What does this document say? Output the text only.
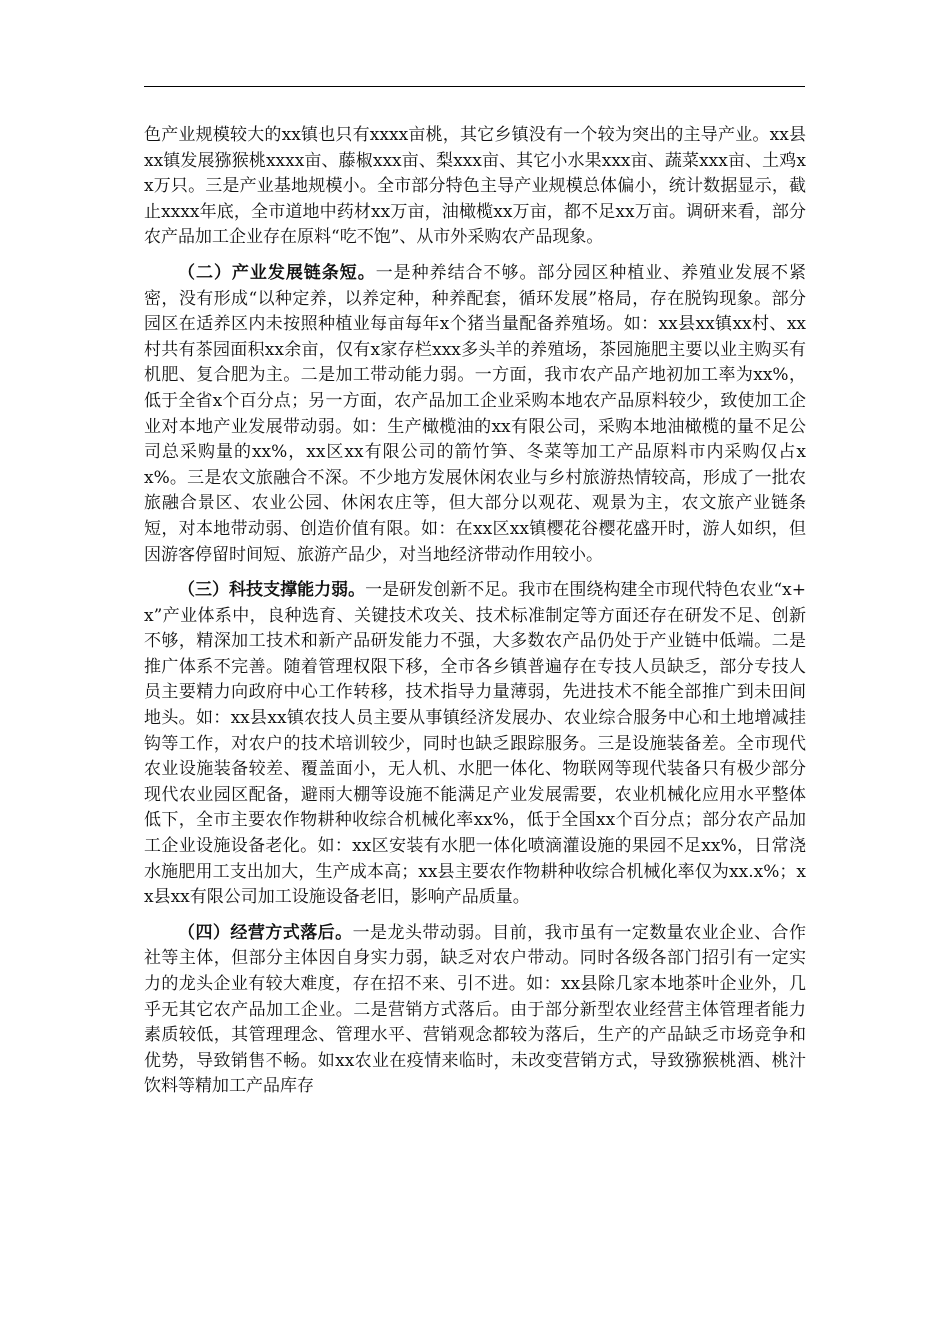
色产业规模较大的xx镇也只有xxxx亩桃，其它乡镇没有一个较为突出的主导产业。xx县xx镇发展猕猴桃xxxx亩、藤椒xxx亩、梨xxx亩、其它小水果xxx亩、蔬菜xxx亩、土鸡xx万只。三是产业基地规模小。全市部分特色主导产业规模总体偏小，统计数据显示，截止xxxx年底，全市道地中药材xx万亩，油橄榄xx万亩，都不足xx万亩。调研来看，部分农产品加工企业存在原料“吃不饱”、从市外采购农产品现象。

（二）产业发展链条短。一是种养结合不够。部分园区种植业、养殖业发展不紧密，没有形成“以种定养，以养定种，种养配套，循环发展”格局，存在脱钩现象。部分园区在适养区内未按照种植业每亩每年x个猪当量配备养殖场。如：xx县xx镇xx村、xx村共有茶园面积xx余亩，仅有x家存栏xxx多头羊的养殖场，茶园施肥主要以业主购买有机肥、复合肥为主。二是加工带动能力弱。一方面，我市农产品产地初加工率为xx%，低于全省x个百分点；另一方面，农产品加工企业采购本地农产品原料较少，致使加工企业对本地产业发展带动弱。如：生产橄榄油的xx有限公司，采购本地油橄榄的量不足公司总采购量的xx%，xx区xx有限公司的箭竹笋、冬菜等加工产品原料市内采购仅占xx%。三是农文旅融合不深。不少地方发展休闲农业与乡村旅游热情较高，形成了一批农旅融合景区、农业公园、休闲农庄等，但大部分以观花、观景为主，农文旅产业链条短，对本地带动弱、创造价值有限。如：在xx区xx镇樱花谷樱花盛开时，游人如织，但因游客停留时间短、旅游产品少，对当地经济带动作用较小。

（三）科技支撑能力弱。一是研发创新不足。我市在围绕构建全市现代特色农业“x+x”产业体系中，良种选育、关键技术攻关、技术标准制定等方面还存在研发不足、创新不够，精深加工技术和新产品研发能力不强，大多数农产品仍处于产业链中低端。二是推广体系不完善。随着管理权限下移，全市各乡镇普遍存在专技人员缺乏，部分专技人员主要精力向政府中心工作转移，技术指导力量薄弱，先进技术不能全部推广到未田间地头。如：xx县xx镇农技人员主要从事镇经济发展办、农业综合服务中心和土地增减挂钩等工作，对农户的技术培训较少，同时也缺乏跟踪服务。三是设施装备差。全市现代农业设施装备较差、覆盖面小，无人机、水肥一体化、物联网等现代装备只有极少部分现代农业园区配备，避雨大棚等设施不能满足产业发展需要，农业机械化应用水平整体低下，全市主要农作物耕种收综合机械化率xx%，低于全国xx个百分点；部分农产品加工企业设施设备老化。如：xx区安装有水肥一体化喷滴灌设施的果园不足xx%，日常浇水施肥用工支出加大，生产成本高；xx县主要农作物耕种收综合机械化率仅为xx.x%；xx县xx有限公司加工设施设备老旧，影响产品质量。

（四）经营方式落后。一是龙头带动弱。目前，我市虽有一定数量农业企业、合作社等主体，但部分主体因自身实力弱，缺乏对农户带动。同时各级各部门招引有一定实力的龙头企业有较大难度，存在招不来、引不进。如：xx县除几家本地茶叶企业外，几乎无其它农产品加工企业。二是营销方式落后。由于部分新型农业经营主体管理者能力素质较低，其管理理念、管理水平、营销观念都较为落后，生产的产品缺乏市场竞争和优势，导致销售不畅。如xx农业在疫情来临时，未改变营销方式，导致猕猴桃酒、桃汁饮料等精加工产品库存
